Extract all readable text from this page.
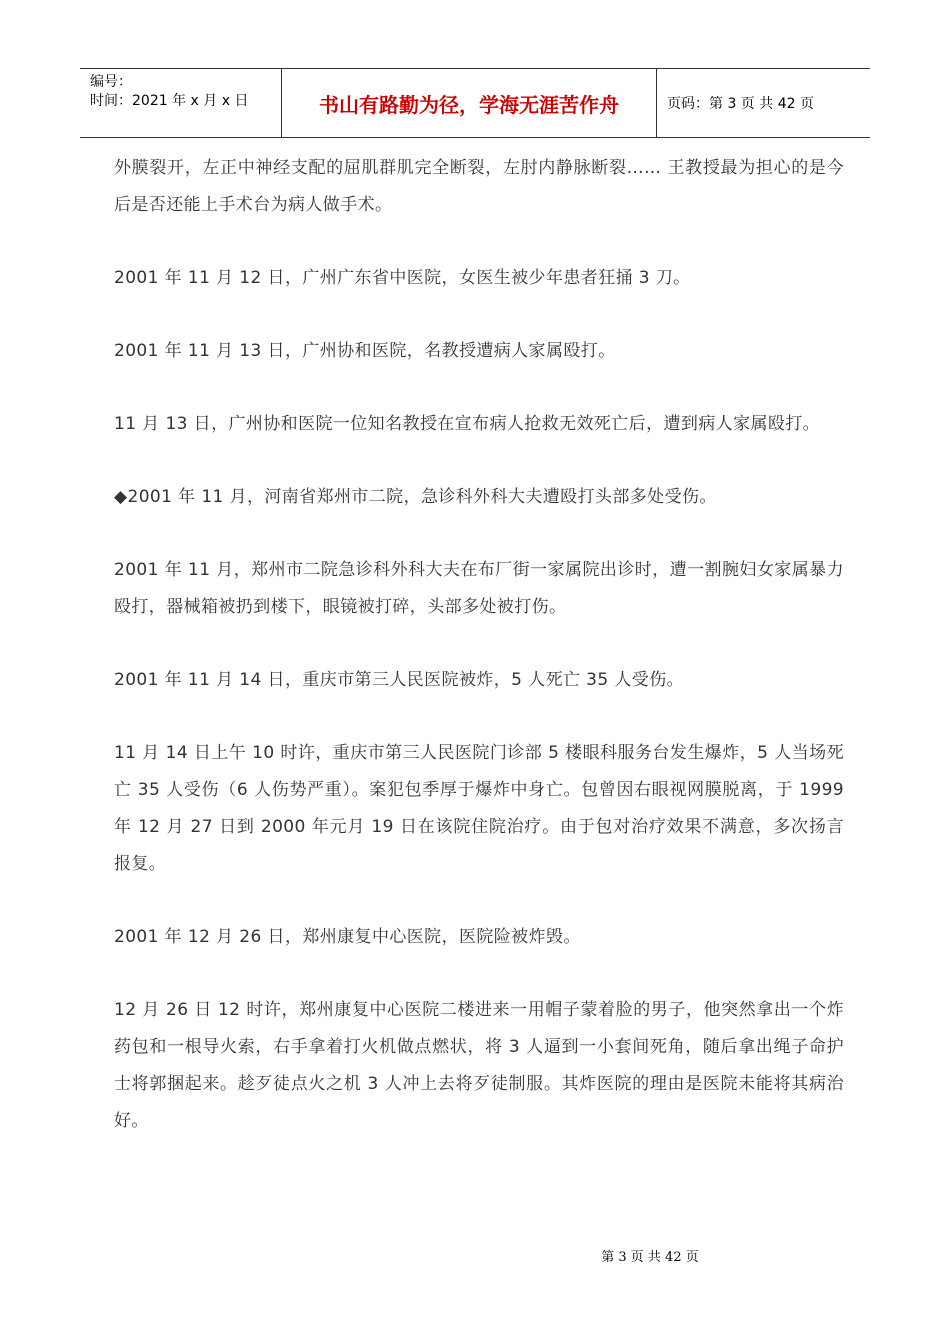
编号：
时间：2021 年 x 月 x 日	书山有路勤为径，学海无涯苦作舟	页码：第 3 页 共 42 页

外膜裂开，左正中神经支配的屈肌群肌完全断裂，左肘内静脉断裂…… 王教授最为担心的是今后是否还能上手术台为病人做手术。

2001 年 11 月 12 日，广州广东省中医院，女医生被少年患者狂捅 3 刀。

2001 年 11 月 13 日，广州协和医院，名教授遭病人家属殴打。

11 月 13 日，广州协和医院一位知名教授在宣布病人抢救无效死亡后，遭到病人家属殴打。

◆2001 年 11 月，河南省郑州市二院，急诊科外科大夫遭殴打头部多处受伤。

2001 年 11 月，郑州市二院急诊科外科大夫在布厂街一家属院出诊时，遭一割腕妇女家属暴力殴打，器械箱被扔到楼下，眼镜被打碎，头部多处被打伤。

2001 年 11 月 14 日，重庆市第三人民医院被炸，5 人死亡 35 人受伤。

11 月 14 日上午 10 时许，重庆市第三人民医院门诊部 5 楼眼科服务台发生爆炸，5 人当场死亡 35 人受伤（6 人伤势严重）。案犯包季厚于爆炸中身亡。包曾因右眼视网膜脱离，于 1999 年 12 月 27 日到 2000 年元月 19 日在该院住院治疗。由于包对治疗效果不满意，多次扬言报复。

2001 年 12 月 26 日，郑州康复中心医院，医院险被炸毁。

12 月 26 日 12 时许，郑州康复中心医院二楼进来一用帽子蒙着脸的男子，他突然拿出一个炸药包和一根导火索，右手拿着打火机做点燃状，将 3 人逼到一小套间死角，随后拿出绳子命护士将郭捆起来。趁歹徒点火之机 3 人冲上去将歹徒制服。其炸医院的理由是医院未能将其病治好。

第 3 页 共 42 页
